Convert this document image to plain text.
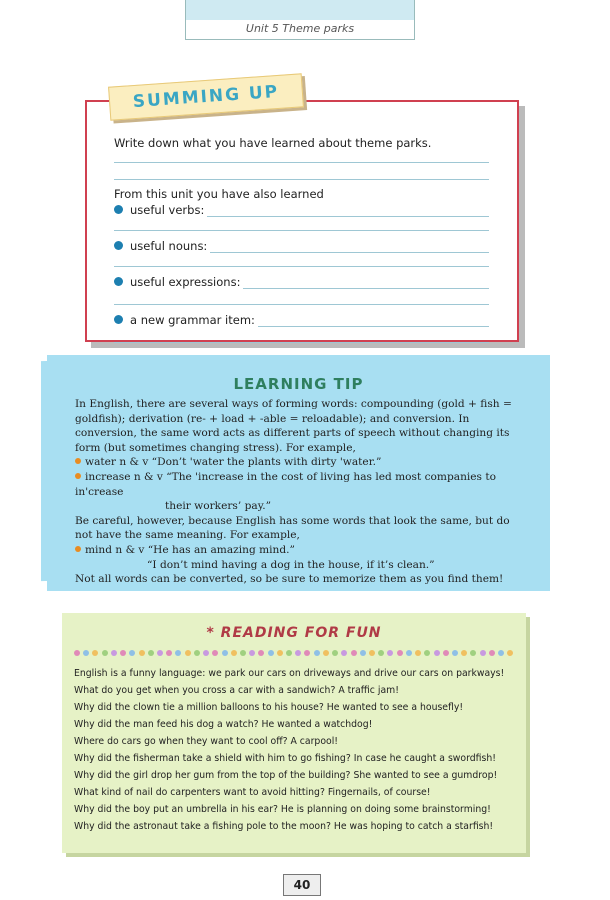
Unit 5 Theme parks
SUMMING UP
Write down what you have learned about theme parks.
From this unit you have also learned
useful verbs:
useful nouns:
useful expressions:
a new grammar item:
LEARNING TIP

In English, there are several ways of forming words: compounding (gold + fish = goldfish); derivation (re- + load + -able = reloadable); and conversion. In conversion, the same word acts as different parts of speech without changing its form (but sometimes changing stress). For example,

water n & v “Don’t 'water the plants with dirty 'water.”

increase n & v “The 'increase in the cost of living has led most companies to in'crease

their workers’ pay.”

Be careful, however, because English has some words that look the same, but do not have the same meaning. For example,

mind n & v “He has an amazing mind.”

“I don’t mind having a dog in the house, if it’s clean.”

Not all words can be converted, so be sure to memorize them as you find them!

* READING FOR FUN
English is a funny language: we park our cars on driveways and drive our cars on parkways!
What do you get when you cross a car with a sandwich? A traffic jam!
Why did the clown tie a million balloons to his house? He wanted to see a housefly!
Why did the man feed his dog a watch? He wanted a watchdog!
Where do cars go when they want to cool off? A carpool!
Why did the fisherman take a shield with him to go fishing? In case he caught a swordfish!
Why did the girl drop her gum from the top of the building? She wanted to see a gumdrop!
What kind of nail do carpenters want to avoid hitting? Fingernails, of course!
Why did the boy put an umbrella in his ear? He is planning on doing some brainstorming!
Why did the astronaut take a fishing pole to the moon? He was hoping to catch a starfish!
40
